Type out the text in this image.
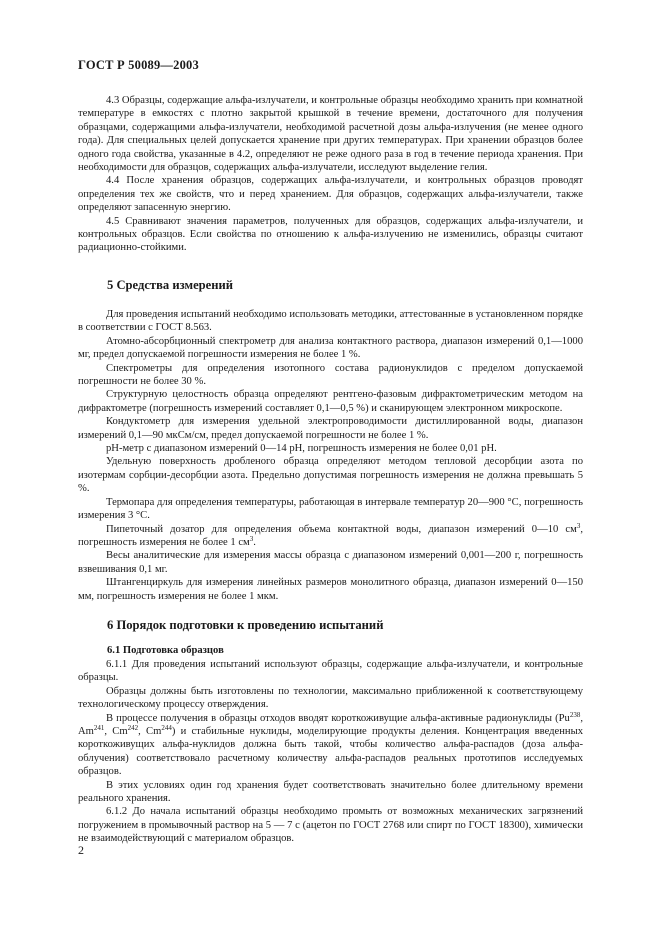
ГОСТ Р 50089—2003

4.3 Образцы, содержащие альфа-излучатели, и контрольные образцы необходимо хранить при комнатной температуре в емкостях с плотно закрытой крышкой в течение времени, достаточного для получения образцами, содержащими альфа-излучатели, необходимой расчетной дозы альфа-излучения (не менее одного года). Для специальных целей допускается хранение при других температурах. При хранении образцов более одного года свойства, указанные в 4.2, определяют не реже одного раза в год в течение периода хранения. При необходимости для образцов, содержащих альфа-излучатели, исследуют выделение гелия.

4.4 После хранения образцов, содержащих альфа-излучатели, и контрольных образцов проводят определения тех же свойств, что и перед хранением. Для образцов, содержащих альфа-излучатели, также определяют запасенную энергию.

4.5 Сравнивают значения параметров, полученных для образцов, содержащих альфа-излучатели, и контрольных образцов. Если свойства по отношению к альфа-излучению не изменились, образцы считают радиационно-стойкими.

5 Средства измерений

Для проведения испытаний необходимо использовать методики, аттестованные в установленном порядке в соответствии с ГОСТ 8.563.

Атомно-абсорбционный спектрометр для анализа контактного раствора, диапазон измерений 0,1—1000 мг, предел допускаемой погрешности измерения не более 1 %.

Спектрометры для определения изотопного состава радионуклидов с пределом допускаемой погрешности не более 30 %.

Структурную целостность образца определяют рентгено-фазовым дифрактометрическим методом на дифрактометре (погрешность измерений составляет 0,1—0,5 %) и сканирующем электронном микроскопе.

Кондуктометр для измерения удельной электропроводимости дистиллированной воды, диапазон измерений 0,1—90 мкСм/см, предел допускаемой погрешности не более 1 %.

pH-метр с диапазоном измерений 0—14 pH, погрешность измерения не более 0,01 pH.

Удельную поверхность дробленого образца определяют методом тепловой десорбции азота по изотермам сорбции-десорбции азота. Предельно допустимая погрешность измерения не должна превышать 5 %.

Термопара для определения температуры, работающая в интервале температур 20—900 °С, погрешность измерения 3 °С.

Пипеточный дозатор для определения объема контактной воды, диапазон измерений 0—10 $см^3$, погрешность измерения не более 1 $см^3$.

Весы аналитические для измерения массы образца с диапазоном измерений 0,001—200 г, погрешность взвешивания 0,1 мг.

Штангенциркуль для измерения линейных размеров монолитного образца, диапазон измерений 0—150 мм, погрешность измерения не более 1 мкм.

6 Порядок подготовки к проведению испытаний
6.1 Подготовка образцов

6.1.1 Для проведения испытаний используют образцы, содержащие альфа-излучатели, и контрольные образцы.

Образцы должны быть изготовлены по технологии, максимально приближенной к соответствующему технологическому процессу отверждения.

В процессе получения в образцы отходов вводят короткоживущие альфа-активные радионуклиды (Pu$^{238}$, Am$^{241}$, Cm$^{242}$, Cm$^{244}$) и стабильные нуклиды, моделирующие продукты деления. Концентрация введенных короткоживущих альфа-нуклидов должна быть такой, чтобы количество альфа-распадов (доза альфа-облучения) соответствовало расчетному количеству альфа-распадов реальных прототипов исследуемых образцов.

В этих условиях один год хранения будет соответствовать значительно более длительному времени реального хранения.

6.1.2 До начала испытаний образцы необходимо промыть от возможных механических загрязнений погружением в промывочный раствор на 5 — 7 с (ацетон по ГОСТ 2768 или спирт по ГОСТ 18300), химически не взаимодействующий с материалом образцов.

2
